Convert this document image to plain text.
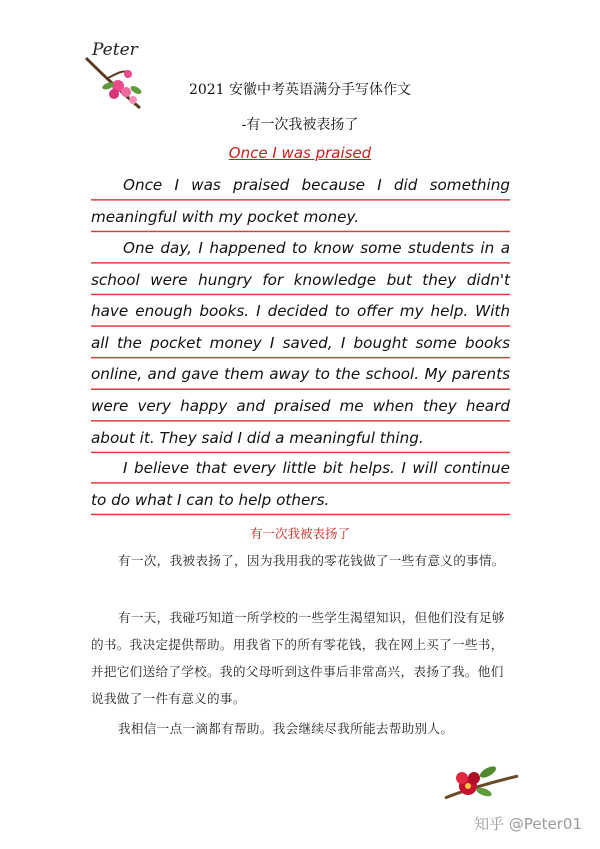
Peter
2021 安徽中考英语满分手写体作文
-有一次我被表扬了
Once I was praised
Once I was praised because I did something meaningful with my pocket money.
One day, I happened to know some students in a school were hungry for knowledge but they didn't have enough books. I decided to offer my help. With all the pocket money I saved, I bought some books online, and gave them away to the school. My parents were very happy and praised me when they heard about it. They said I did a meaningful thing.
I believe that every little bit helps. I will continue to do what I can to help others.
有一次我被表扬了
有一次，我被表扬了，因为我用我的零花钱做了一些有意义的事情。
有一天，我碰巧知道一所学校的一些学生渴望知识，但他们没有足够的书。我决定提供帮助。用我省下的所有零花钱，我在网上买了一些书，并把它们送给了学校。我的父母听到这件事后非常高兴，表扬了我。他们说我做了一件有意义的事。
我相信一点一滴都有帮助。我会继续尽我所能去帮助别人。
知乎 @Peter01
